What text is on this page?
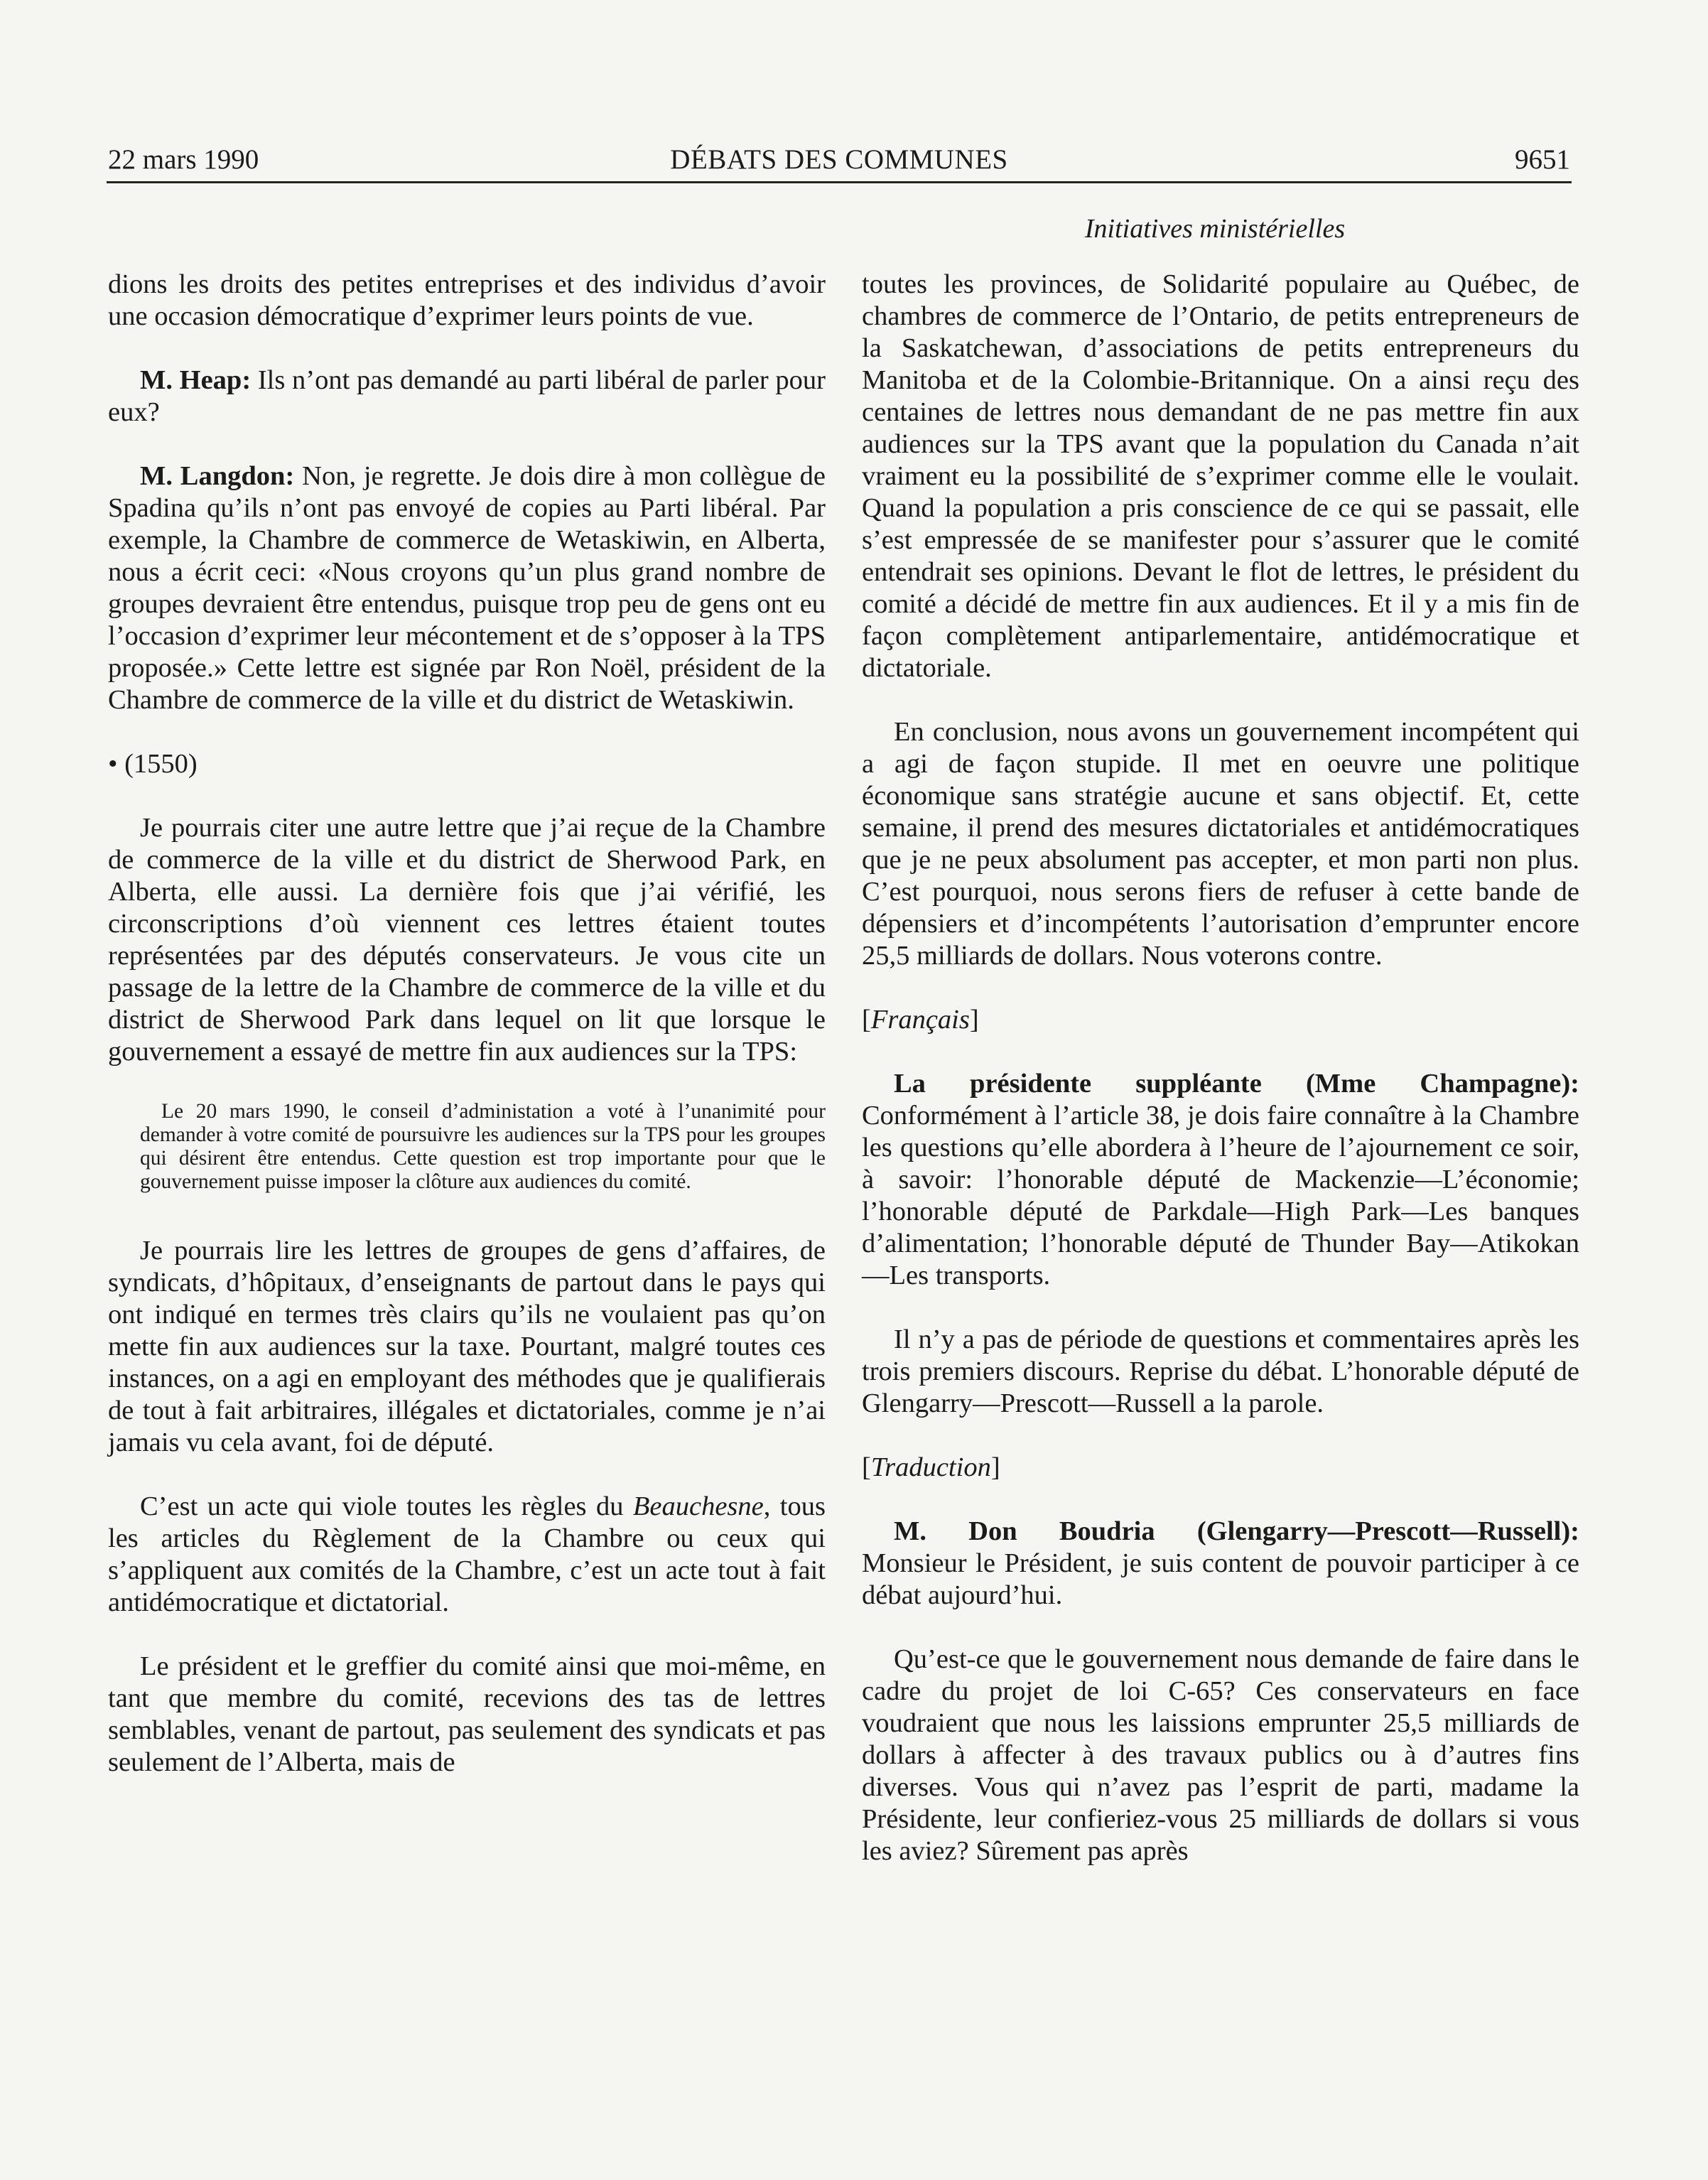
22 mars 1990	DÉBATS DES COMMUNES	9651
Initiatives ministérielles

dions les droits des petites entreprises et des individus d’avoir une occasion démocratique d’exprimer leurs points de vue.

M. Heap: Ils n’ont pas demandé au parti libéral de parler pour eux?

M. Langdon: Non, je regrette. Je dois dire à mon collègue de Spadina qu’ils n’ont pas envoyé de copies au Parti libéral. Par exemple, la Chambre de commerce de Wetaskiwin, en Alberta, nous a écrit ceci: «Nous croyons qu’un plus grand nombre de groupes devraient être entendus, puisque trop peu de gens ont eu l’occasion d’exprimer leur mécontement et de s’opposer à la TPS proposée.» Cette lettre est signée par Ron Noël, président de la Chambre de commerce de la ville et du district de Wetaskiwin.

• (1550)

Je pourrais citer une autre lettre que j’ai reçue de la Chambre de commerce de la ville et du district de Sherwood Park, en Alberta, elle aussi. La dernière fois que j’ai vérifié, les circonscriptions d’où viennent ces lettres étaient toutes représentées par des députés conservateurs. Je vous cite un passage de la lettre de la Chambre de commerce de la ville et du district de Sherwood Park dans lequel on lit que lorsque le gouvernement a essayé de mettre fin aux audiences sur la TPS:

Le 20 mars 1990, le conseil d’administation a voté à l’unanimité pour demander à votre comité de poursuivre les audiences sur la TPS pour les groupes qui désirent être entendus. Cette question est trop importante pour que le gouvernement puisse imposer la clôture aux audiences du comité.

Je pourrais lire les lettres de groupes de gens d’affaires, de syndicats, d’hôpitaux, d’enseignants de partout dans le pays qui ont indiqué en termes très clairs qu’ils ne voulaient pas qu’on mette fin aux audiences sur la taxe. Pourtant, malgré toutes ces instances, on a agi en employant des méthodes que je qualifierais de tout à fait arbitraires, illégales et dictatoriales, comme je n’ai jamais vu cela avant, foi de député.

C’est un acte qui viole toutes les règles du Beauchesne, tous les articles du Règlement de la Chambre ou ceux qui s’appliquent aux comités de la Chambre, c’est un acte tout à fait antidémocratique et dictatorial.

Le président et le greffier du comité ainsi que moi-même, en tant que membre du comité, recevions des tas de lettres semblables, venant de partout, pas seulement des syndicats et pas seulement de l’Alberta, mais de

toutes les provinces, de Solidarité populaire au Québec, de chambres de commerce de l’Ontario, de petits entrepreneurs de la Saskatchewan, d’associations de petits entrepreneurs du Manitoba et de la Colombie-Britannique. On a ainsi reçu des centaines de lettres nous demandant de ne pas mettre fin aux audiences sur la TPS avant que la population du Canada n’ait vraiment eu la possibilité de s’exprimer comme elle le voulait. Quand la population a pris conscience de ce qui se passait, elle s’est empressée de se manifester pour s’assurer que le comité entendrait ses opinions. Devant le flot de lettres, le président du comité a décidé de mettre fin aux audiences. Et il y a mis fin de façon complètement antiparlementaire, antidémocratique et dictatoriale.

En conclusion, nous avons un gouvernement incompétent qui a agi de façon stupide. Il met en oeuvre une politique économique sans stratégie aucune et sans objectif. Et, cette semaine, il prend des mesures dictatoriales et antidémocratiques que je ne peux absolument pas accepter, et mon parti non plus. C’est pourquoi, nous serons fiers de refuser à cette bande de dépensiers et d’incompétents l’autorisation d’emprunter encore 25,5 milliards de dollars. Nous voterons contre.

[Français]

La présidente suppléante (Mme Champagne): Conformément à l’article 38, je dois faire connaître à la Chambre les questions qu’elle abordera à l’heure de l’ajournement ce soir, à savoir: l’honorable député de Mackenzie—L’économie; l’honorable député de Parkdale—High Park—Les banques d’alimentation; l’honorable député de Thunder Bay—Atikokan—Les transports.

Il n’y a pas de période de questions et commentaires après les trois premiers discours. Reprise du débat. L’honorable député de Glengarry—Prescott—Russell a la parole.

[Traduction]

M. Don Boudria (Glengarry—Prescott—Russell): Monsieur le Président, je suis content de pouvoir participer à ce débat aujourd’hui.

Qu’est-ce que le gouvernement nous demande de faire dans le cadre du projet de loi C-65? Ces conservateurs en face voudraient que nous les laissions emprunter 25,5 milliards de dollars à affecter à des travaux publics ou à d’autres fins diverses. Vous qui n’avez pas l’esprit de parti, madame la Présidente, leur confieriez-vous 25 milliards de dollars si vous les aviez? Sûrement pas après
